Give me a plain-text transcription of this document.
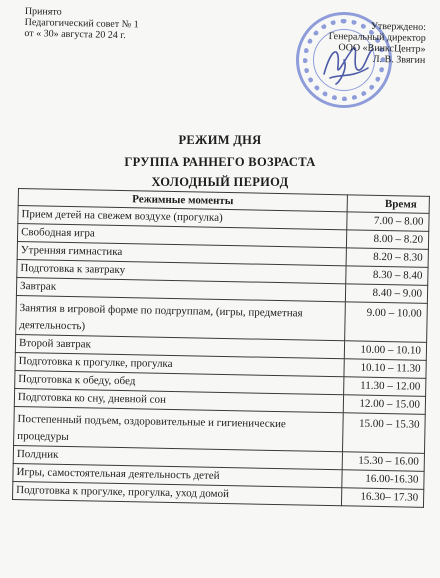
Принято
Педагогический совет № 1
от « 30» августа 20 24 г.
Утверждено:
Генеральный директор
ООО «ВинксЦентр»
Л. В. Звягин
РЕЖИМ ДНЯ
ГРУППА РАННЕГО ВОЗРАСТА
ХОЛОДНЫЙ ПЕРИОД
Режимные моменты	Время
Прием детей на свежем воздухе (прогулка)	7.00 – 8.00
Свободная игра	8.00 – 8.20
Утренняя гимнастика	8.20 – 8.30
Подготовка к завтраку	8.30 – 8.40
Завтрак	8.40 – 9.00
Занятия в игровой форме по подгруппам, (игры, предметная деятельность)	9.00 – 10.00
Второй завтрак	10.00 – 10.10
Подготовка к прогулке, прогулка	10.10 – 11.30
Подготовка к обеду, обед	11.30 – 12.00
Подготовка ко сну, дневной сон	12.00 – 15.00
Постепенный подъем, оздоровительные и гигиенические процедуры	15.00 – 15.30
Полдник	15.30 – 16.00
Игры, самостоятельная деятельность детей	16.00-16.30
Подготовка к прогулке, прогулка, уход домой	16.30– 17.30
